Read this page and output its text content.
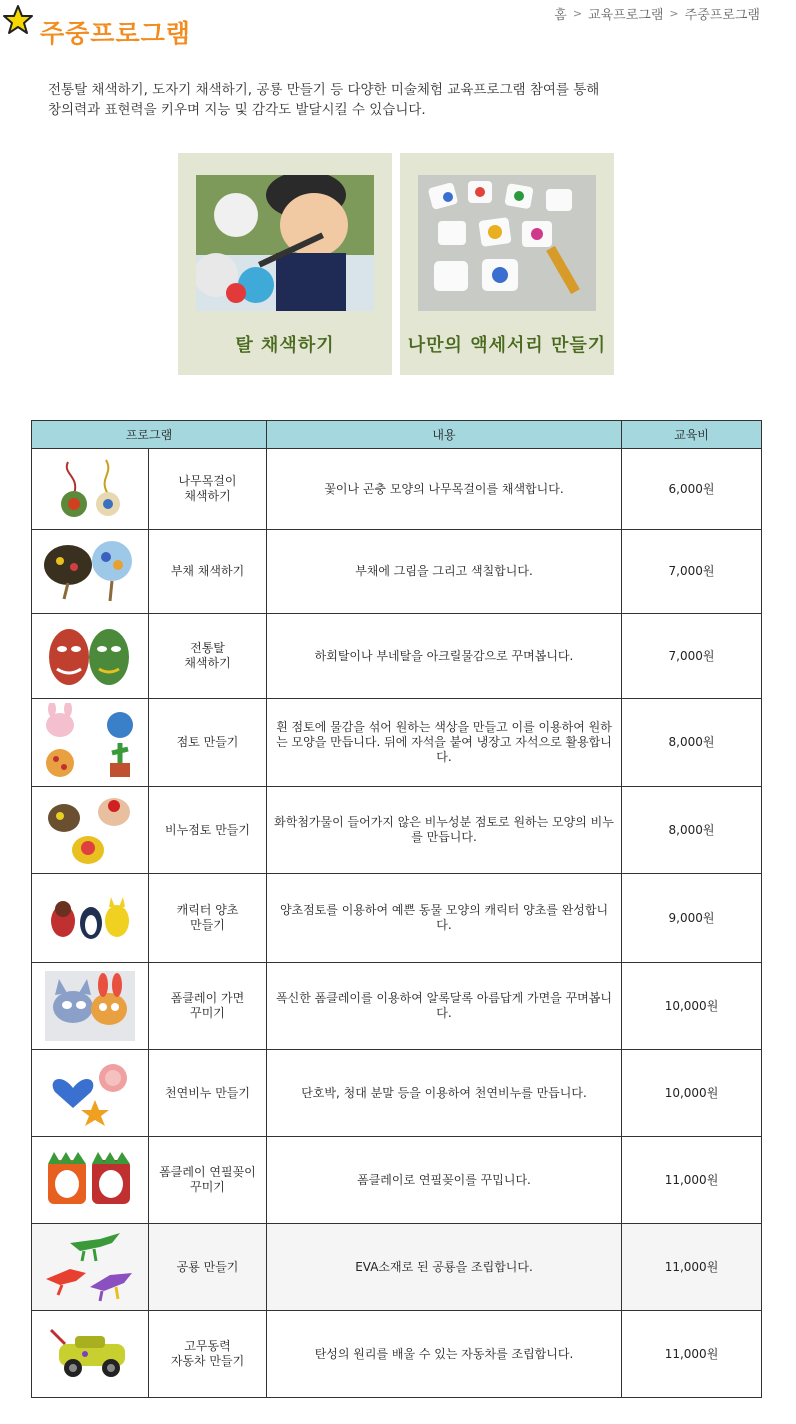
주중프로그램
홈 > 교육프로그램 > 주중프로그램
전통탈 채색하기, 도자기 채색하기, 공룡 만들기 등 다양한 미술체험 교육프로그램 참여를 통해
창의력과 표현력을 키우며 지능 및 감각도 발달시킬 수 있습니다.
탈 채색하기	나만의 액세서리 만들기
프로그램		내용	교육비

	나무목걸이
채색하기	꽃이나 곤충 모양의 나무목걸이를 채색합니다.	6,000원

	부채 채색하기	부채에 그림을 그리고 색칠합니다.	7,000원

	전통탈
채색하기	하회탈이나 부네탈을 아크릴물감으로 꾸며봅니다.	7,000원

	점토 만들기	흰 점토에 물감을 섞어 원하는 색상을 만들고 이를 이용하여 원하는 모양을 만듭니다. 뒤에 자석을 붙여 냉장고 자석으로 활용합니다.	8,000원

	비누점토 만들기	화학첨가물이 들어가지 않은 비누성분 점토로 원하는 모양의 비누를 만듭니다.	8,000원

	캐릭터 양초
만들기	양초점토를 이용하여 예쁜 동물 모양의 캐릭터 양초를 완성합니다.	9,000원

	폼클레이 가면
꾸미기	폭신한 폼클레이를 이용하여 알록달록 아름답게 가면을 꾸며봅니다.	10,000원

	천연비누 만들기	단호박, 청대 분말 등을 이용하여 천연비누를 만듭니다.	10,000원

	폼클레이 연필꽂이
꾸미기	폼클레이로 연필꽂이를 꾸밉니다.	11,000원

	공룡 만들기	EVA소재로 된 공룡을 조립합니다.	11,000원

	고무동력
자동차 만들기	탄성의 원리를 배울 수 있는 자동차를 조립합니다.	11,000원
